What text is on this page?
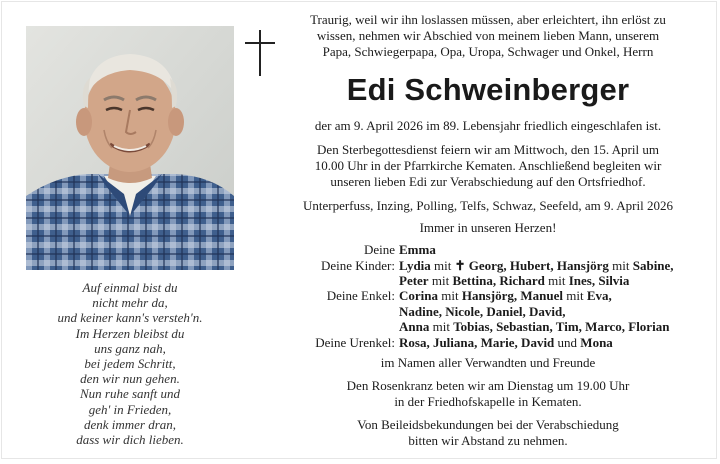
Auf einmal bist du
nicht mehr da,
und keiner kann's versteh'n.
Im Herzen bleibst du
uns ganz nah,
bei jedem Schritt,
den wir nun gehen.
Nun ruhe sanft und
geh' in Frieden,
denk immer dran,
dass wir dich lieben.
Traurig, weil wir ihn loslassen müssen, aber erleichtert, ihn erlöst zu
wissen, nehmen wir Abschied von meinem lieben Mann, unserem
Papa, Schwiegerpapa, Opa, Uropa, Schwager und Onkel, Herrn
Edi Schweinberger
der am 9. April 2026 im 89. Lebensjahr friedlich eingeschlafen ist.
Den Sterbegottesdienst feiern wir am Mittwoch, den 15. April um
10.00 Uhr in der Pfarrkirche Kematen. Anschließend begleiten wir
unseren lieben Edi zur Verabschiedung auf den Ortsfriedhof.
Unterperfuss, Inzing, Polling, Telfs, Schwaz, Seefeld, am 9. April 2026
Immer in unseren Herzen!
Deine Emma
Deine Kinder: Lydia mit ✝ Georg, Hubert, Hansjörg mit Sabine,
Peter mit Bettina, Richard mit Ines, Silvia
Deine Enkel: Corina mit Hansjörg, Manuel mit Eva,
Nadine, Nicole, Daniel, David,
Anna mit Tobias, Sebastian, Tim, Marco, Florian
Deine Urenkel: Rosa, Juliana, Marie, David und Mona
im Namen aller Verwandten und Freunde
Den Rosenkranz beten wir am Dienstag um 19.00 Uhr
in der Friedhofskapelle in Kematen.
Von Beileidsbekundungen bei der Verabschiedung
bitten wir Abstand zu nehmen.
